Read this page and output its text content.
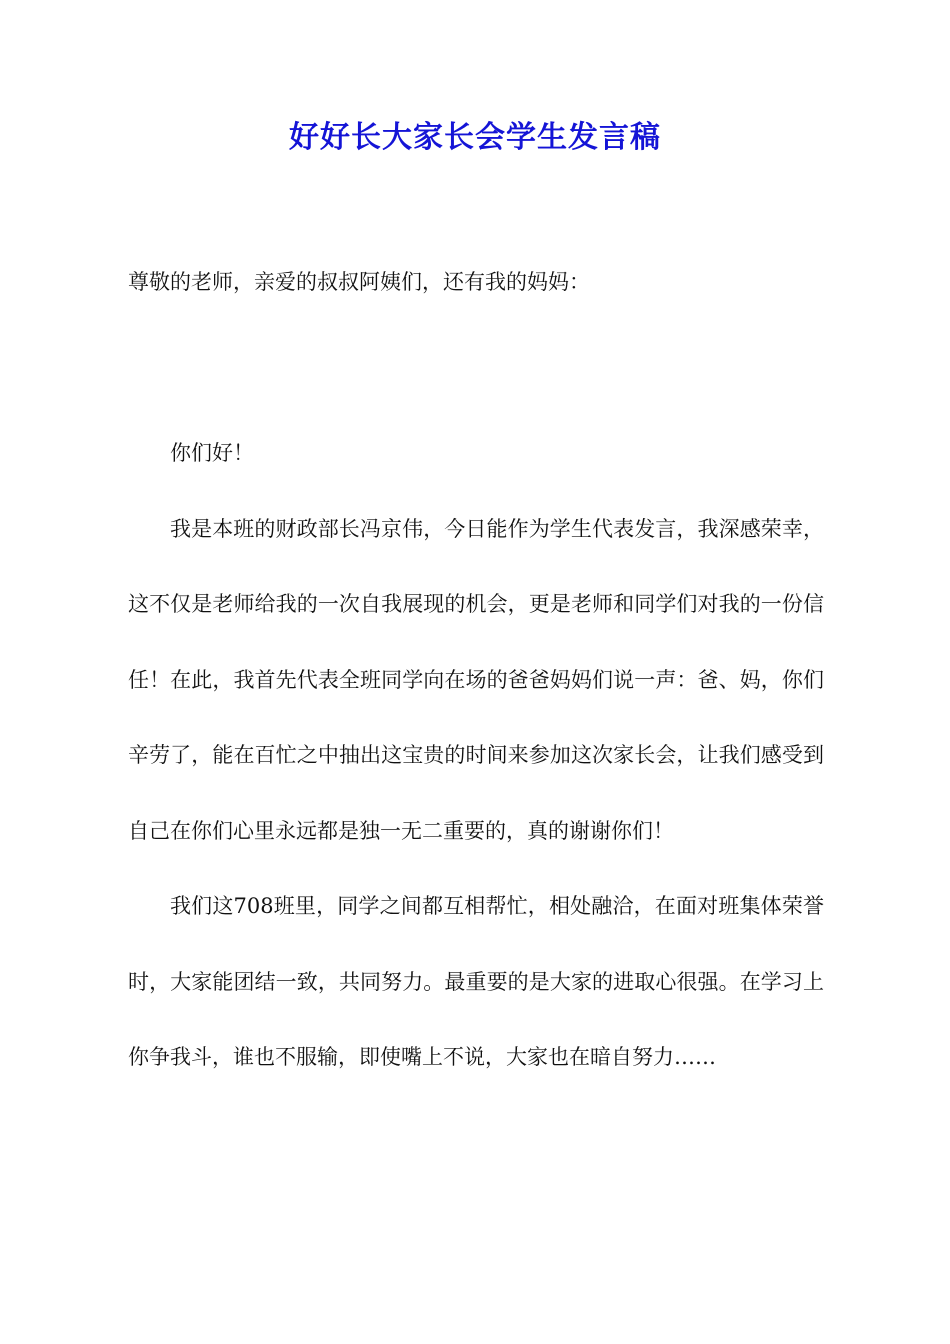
好好长大家长会学生发言稿
尊敬的老师，亲爱的叔叔阿姨们，还有我的妈妈：

你们好！

我是本班的财政部长冯京伟，今日能作为学生代表发言，我深感荣幸，这不仅是老师给我的一次自我展现的机会，更是老师和同学们对我的一份信任！在此，我首先代表全班同学向在场的爸爸妈妈们说一声：爸、妈，你们辛劳了，能在百忙之中抽出这宝贵的时间来参加这次家长会，让我们感受到自己在你们心里永远都是独一无二重要的，真的谢谢你们！

我们这708班里，同学之间都互相帮忙，相处融洽，在面对班集体荣誉时，大家能团结一致，共同努力。最重要的是大家的进取心很强。在学习上你争我斗，谁也不服输，即使嘴上不说，大家也在暗自努力……
